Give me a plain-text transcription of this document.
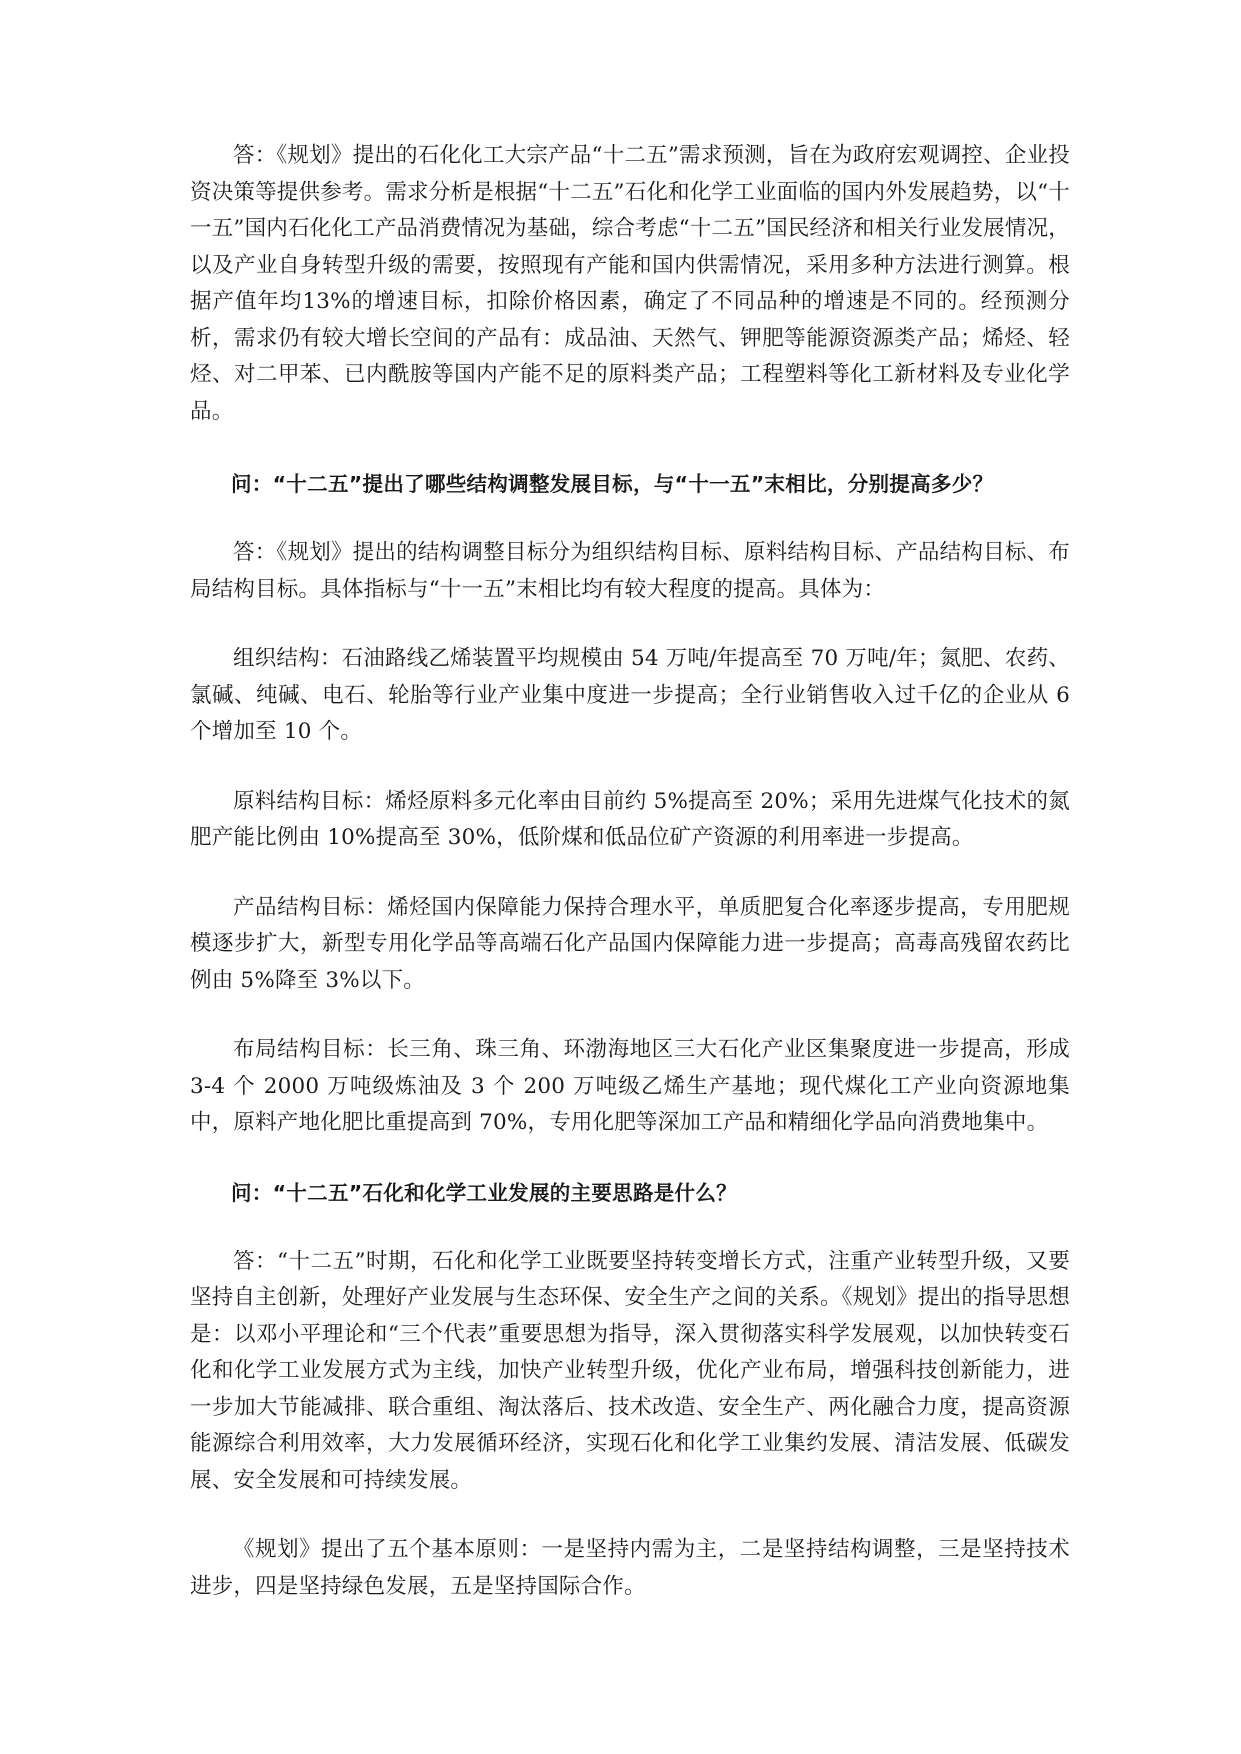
答：《规划》提出的石化化工大宗产品“十二五”需求预测，旨在为政府宏观调控、企业投资决策等提供参考。需求分析是根据“十二五”石化和化学工业面临的国内外发展趋势，以“十一五”国内石化化工产品消费情况为基础，综合考虑“十二五”国民经济和相关行业发展情况，以及产业自身转型升级的需要，按照现有产能和国内供需情况，采用多种方法进行测算。根据产值年均13%的增速目标，扣除价格因素，确定了不同品种的增速是不同的。经预测分析，需求仍有较大增长空间的产品有：成品油、天然气、钾肥等能源资源类产品；烯烃、轻烃、对二甲苯、已内酰胺等国内产能不足的原料类产品；工程塑料等化工新材料及专业化学品。

问：“十二五”提出了哪些结构调整发展目标，与“十一五”末相比，分别提高多少？

答：《规划》提出的结构调整目标分为组织结构目标、原料结构目标、产品结构目标、布局结构目标。具体指标与“十一五”末相比均有较大程度的提高。具体为：

组织结构：石油路线乙烯装置平均规模由 54 万吨/年提高至 70 万吨/年；氮肥、农药、氯碱、纯碱、电石、轮胎等行业产业集中度进一步提高；全行业销售收入过千亿的企业从 6 个增加至 10 个。

原料结构目标：烯烃原料多元化率由目前约 5%提高至 20%；采用先进煤气化技术的氮肥产能比例由 10%提高至 30%，低阶煤和低品位矿产资源的利用率进一步提高。

产品结构目标：烯烃国内保障能力保持合理水平，单质肥复合化率逐步提高，专用肥规模逐步扩大，新型专用化学品等高端石化产品国内保障能力进一步提高；高毒高残留农药比例由 5%降至 3%以下。

布局结构目标：长三角、珠三角、环渤海地区三大石化产业区集聚度进一步提高，形成 3-4 个 2000 万吨级炼油及 3 个 200 万吨级乙烯生产基地；现代煤化工产业向资源地集中，原料产地化肥比重提高到 70%，专用化肥等深加工产品和精细化学品向消费地集中。

问：“十二五”石化和化学工业发展的主要思路是什么？

答：“十二五”时期，石化和化学工业既要坚持转变增长方式，注重产业转型升级，又要坚持自主创新，处理好产业发展与生态环保、安全生产之间的关系。《规划》提出的指导思想是：以邓小平理论和“三个代表”重要思想为指导，深入贯彻落实科学发展观，以加快转变石化和化学工业发展方式为主线，加快产业转型升级，优化产业布局，增强科技创新能力，进一步加大节能减排、联合重组、淘汰落后、技术改造、安全生产、两化融合力度，提高资源能源综合利用效率，大力发展循环经济，实现石化和化学工业集约发展、清洁发展、低碳发展、安全发展和可持续发展。

《规划》提出了五个基本原则：一是坚持内需为主，二是坚持结构调整，三是坚持技术进步，四是坚持绿色发展，五是坚持国际合作。
